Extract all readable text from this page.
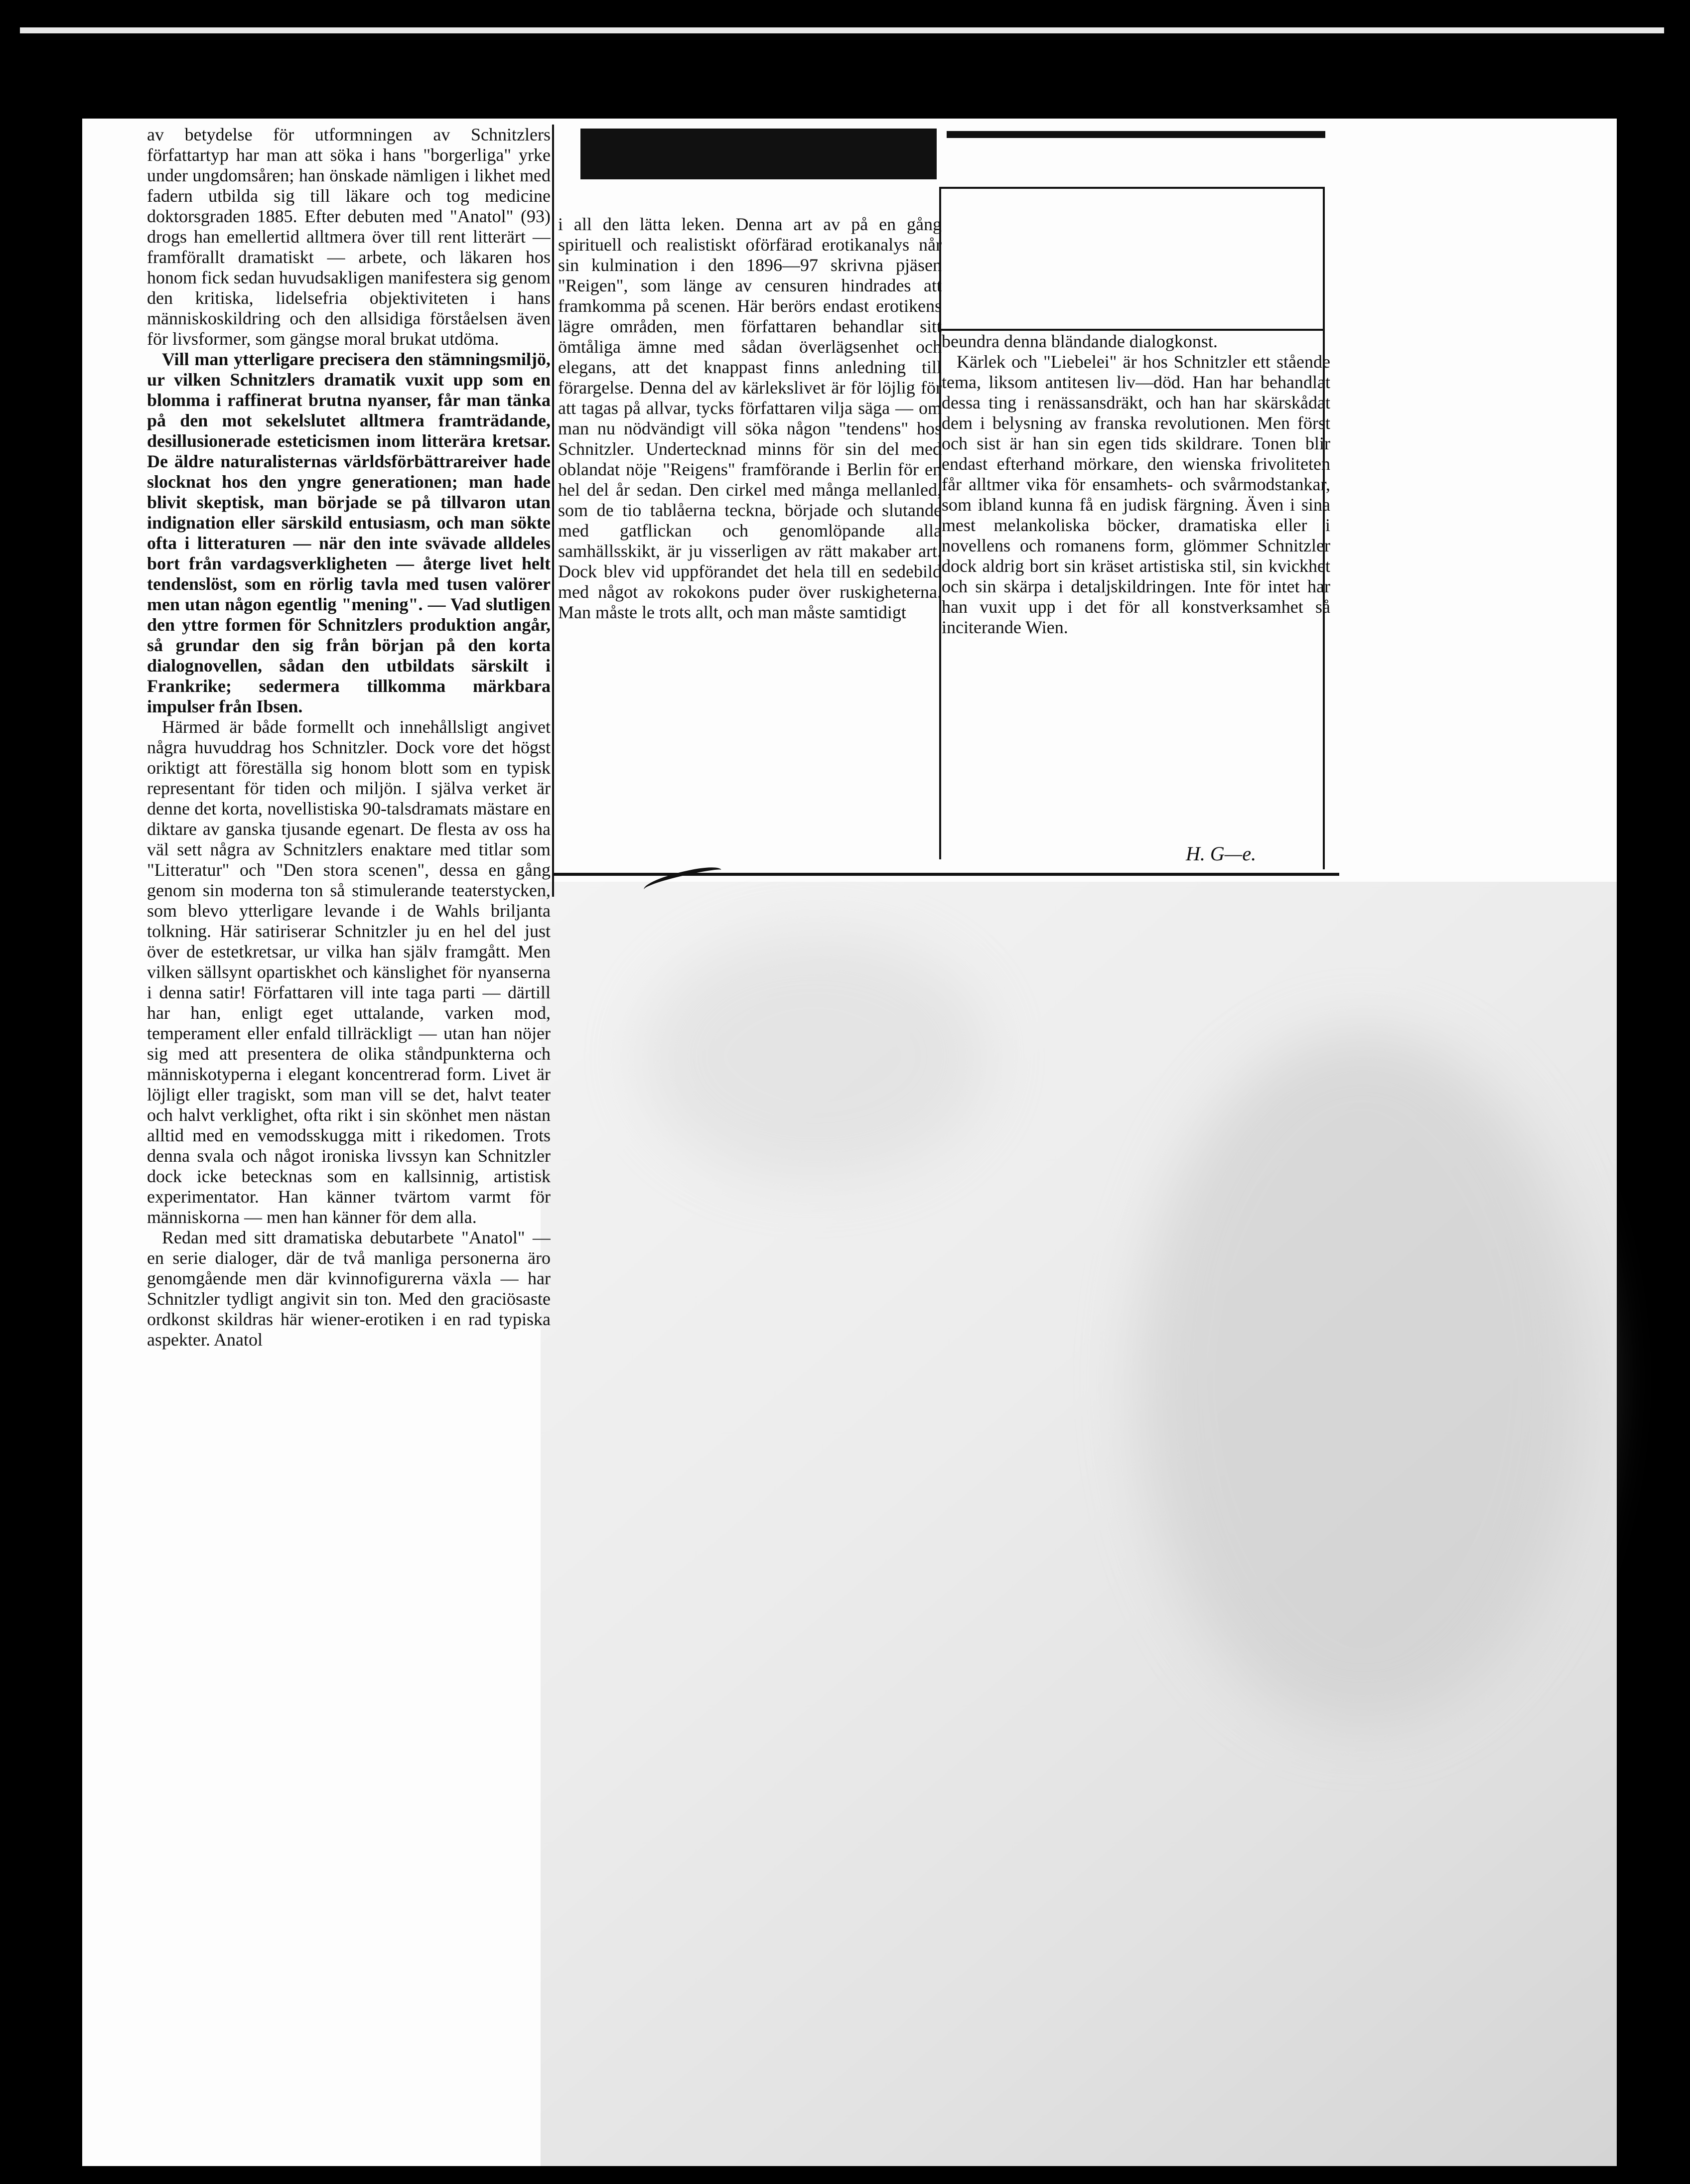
av betydelse för utformningen av Schnitzlers författartyp har man att söka i hans "borgerliga" yrke under ungdomsåren; han önskade nämligen i likhet med fadern utbilda sig till läkare och tog medicine doktorsgraden 1885. Efter debuten med "Anatol" (93) drogs han emellertid alltmera över till rent litterärt — framförallt dramatiskt — arbete, och läkaren hos honom fick sedan huvudsakligen manifestera sig genom den kritiska, lidelsefria objektiviteten i hans människoskildring och den allsidiga förståelsen även för livsformer, som gängse moral brukat utdöma.

Vill man ytterligare precisera den stämningsmiljö, ur vilken Schnitzlers dramatik vuxit upp som en blomma i raffinerat brutna nyanser, får man tänka på den mot sekelslutet alltmera framträdande, desillusionerade esteticismen inom litterära kretsar. De äldre naturalisternas världsförbättrareiver hade slocknat hos den yngre generationen; man hade blivit skeptisk, man började se på tillvaron utan indignation eller särskild entusiasm, och man sökte ofta i litteraturen — när den inte svävade alldeles bort från vardagsverkligheten — återge livet helt tendenslöst, som en rörlig tavla med tusen valörer men utan någon egentlig "mening". — Vad slutligen den yttre formen för Schnitzlers produktion angår, så grundar den sig från början på den korta dialognovellen, sådan den utbildats särskilt i Frankrike; sedermera tillkomma märkbara impulser från Ibsen.

Härmed är både formellt och innehållsligt angivet några huvuddrag hos Schnitzler. Dock vore det högst oriktigt att föreställa sig honom blott som en typisk representant för tiden och miljön. I själva verket är denne det korta, novellistiska 90-talsdramats mästare en diktare av ganska tjusande egenart. De flesta av oss ha väl sett några av Schnitzlers enaktare med titlar som "Litteratur" och "Den stora scenen", dessa en gång genom sin moderna ton så stimulerande teaterstycken, som blevo ytterligare levande i de Wahls briljanta tolkning. Här satiriserar Schnitzler ju en hel del just över de estetkretsar, ur vilka han själv framgått. Men vilken sällsynt opartiskhet och känslighet för nyanserna i denna satir! Författaren vill inte taga parti — därtill har han, enligt eget uttalande, varken mod, temperament eller enfald tillräckligt — utan han nöjer sig med att presentera de olika ståndpunkterna och människotyperna i elegant koncentrerad form. Livet är löjligt eller tragiskt, som man vill se det, halvt teater och halvt verklighet, ofta rikt i sin skönhet men nästan alltid med en vemodsskugga mitt i rikedomen. Trots denna svala och något ironiska livssyn kan Schnitzler dock icke betecknas som en kallsinnig, artistisk experimentator. Han känner tvärtom varmt för människorna — men han känner för dem alla.

Redan med sitt dramatiska debutarbete "Anatol" — en serie dialoger, där de två manliga personerna äro genomgående men där kvinnofigurerna växla — har Schnitzler tydligt angivit sin ton. Med den graciösaste ordkonst skildras här wiener-erotiken i en rad typiska aspekter. Anatol

i all den lätta leken. Denna art av på en gång spirituell och realistiskt oförfärad erotikanalys når sin kulmination i den 1896—97 skrivna pjäsen "Reigen", som länge av censuren hindrades att framkomma på scenen. Här berörs endast erotikens lägre områden, men författaren behandlar sitt ömtåliga ämne med sådan överlägsenhet och elegans, att det knappast finns anledning till förargelse. Denna del av kärlekslivet är för löjlig för att tagas på allvar, tycks författaren vilja säga — om man nu nödvändigt vill söka någon "tendens" hos Schnitzler. Undertecknad minns för sin del med oblandat nöje "Reigens" framförande i Berlin för en hel del år sedan. Den cirkel med många mellanled, som de tio tablåerna teckna, började och slutande med gatflickan och genomlöpande alla samhällsskikt, är ju visserligen av rätt makaber art. Dock blev vid uppförandet det hela till en sedebild med något av rokokons puder över ruskigheterna. Man måste le trots allt, och man måste samtidigt

beundra denna bländande dialogkonst.

Kärlek och "Liebelei" är hos Schnitzler ett stående tema, liksom antitesen liv—död. Han har behandlat dessa ting i renässansdräkt, och han har skärskådat dem i belysning av franska revolutionen. Men först och sist är han sin egen tids skildrare. Tonen blir endast efterhand mörkare, den wienska frivoliteten får alltmer vika för ensamhets- och svårmodstankar, som ibland kunna få en judisk färgning. Även i sina mest melankoliska böcker, dramatiska eller i novellens och romanens form, glömmer Schnitzler dock aldrig bort sin kräset artistiska stil, sin kvickhet och sin skärpa i detaljskildringen. Inte för intet har han vuxit upp i det för all konstverksamhet så inciterande Wien.

H. G—e.
